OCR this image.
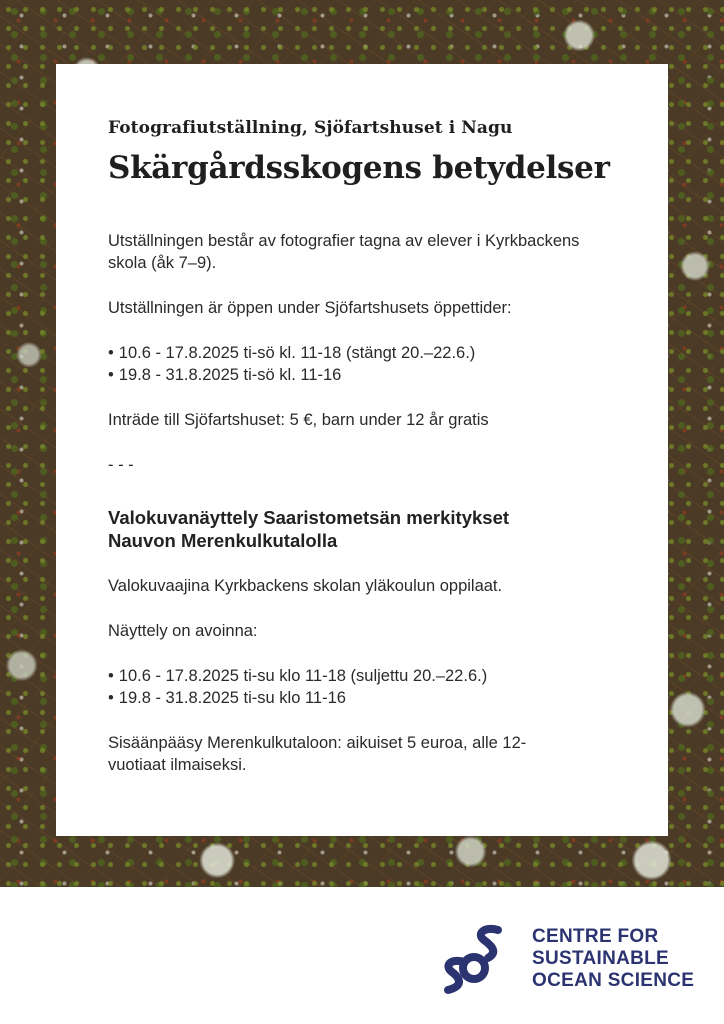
Fotografiutställning, Sjöfartshuset i Nagu

Skärgårdsskogens betydelser

Utställningen består av fotografier tagna av elever i Kyrkbackens skola (åk 7–9).

Utställningen är öppen under Sjöfartshusets öppettider:

• 10.6 - 17.8.2025 ti-sö kl. 11-18 (stängt 20.–22.6.)
• 19.8 - 31.8.2025 ti-sö kl. 11-16

Inträde till Sjöfartshuset: 5 €, barn under 12 år gratis

- - -

Valokuvanäyttely Saaristometsän merkitykset

Nauvon Merenkulkutalolla

Valokuvaajina Kyrkbackens skolan yläkoulun oppilaat.

Näyttely on avoinna:

• 10.6 - 17.8.2025 ti-su klo 11-18 (suljettu 20.–22.6.)
• 19.8 - 31.8.2025 ti-su klo 11-16

Sisäänpääsy Merenkulkutaloon: aikuiset 5 euroa, alle 12-vuotiaat ilmaiseksi.

CENTRE FOR
SUSTAINABLE
OCEAN SCIENCE
